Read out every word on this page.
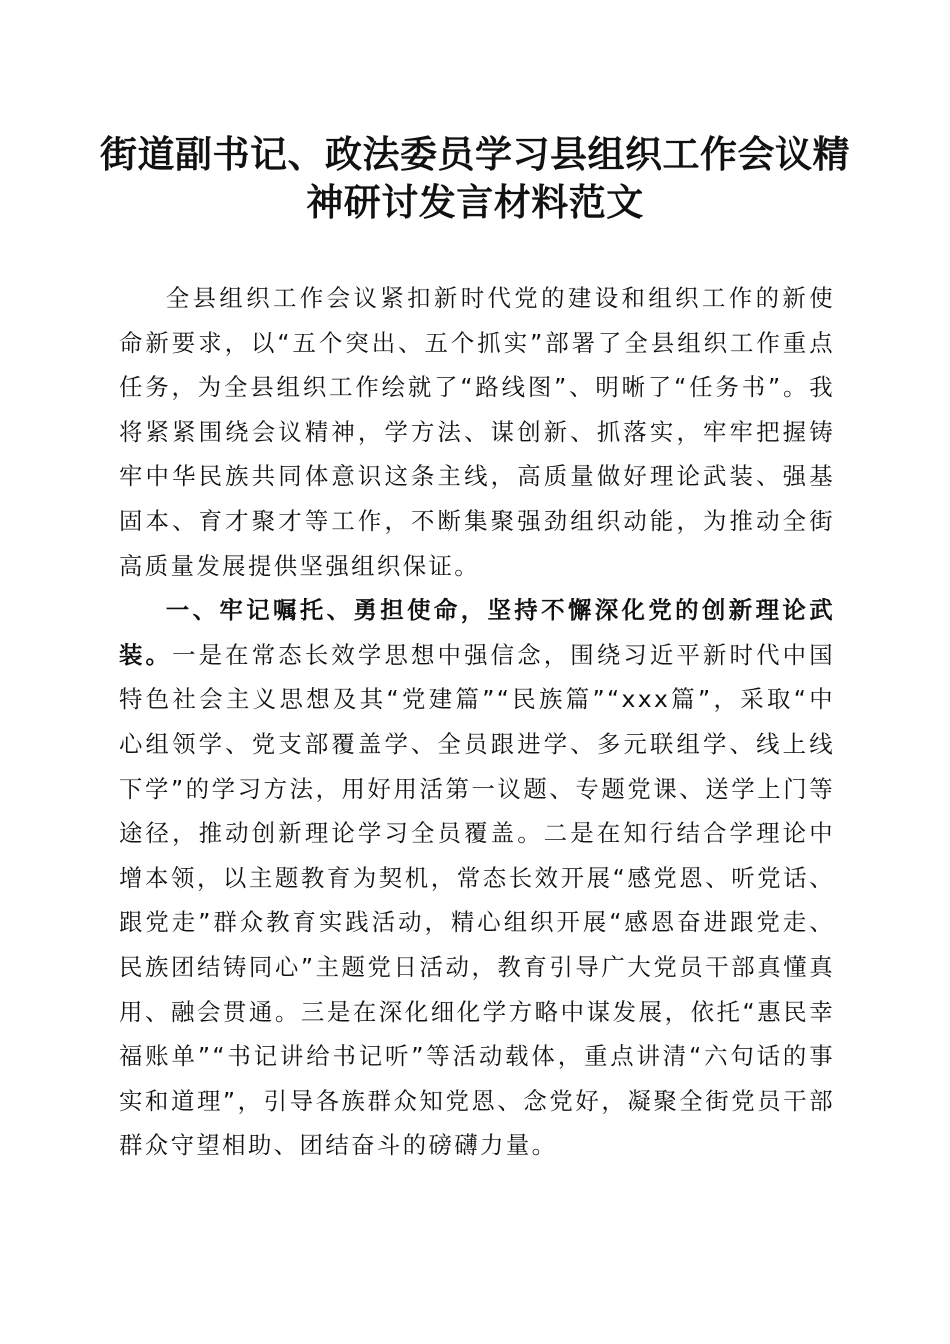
街道副书记、政法委员学习县组织工作会议精
神研讨发言材料范文

全县组织工作会议紧扣新时代党的建设和组织工作的新使命新要求，以“五个突出、五个抓实”部署了全县组织工作重点任务，为全县组织工作绘就了“路线图”、明晰了“任务书”。我将紧紧围绕会议精神，学方法、谋创新、抓落实，牢牢把握铸牢中华民族共同体意识这条主线，高质量做好理论武装、强基固本、育才聚才等工作，不断集聚强劲组织动能，为推动全街高质量发展提供坚强组织保证。

一、牢记嘱托、勇担使命，坚持不懈深化党的创新理论武装。一是在常态长效学思想中强信念，围绕习近平新时代中国特色社会主义思想及其“党建篇”“民族篇”“xxx篇”，采取“中心组领学、党支部覆盖学、全员跟进学、多元联组学、线上线下学”的学习方法，用好用活第一议题、专题党课、送学上门等途径，推动创新理论学习全员覆盖。二是在知行结合学理论中增本领，以主题教育为契机，常态长效开展“感党恩、听党话、跟党走”群众教育实践活动，精心组织开展“感恩奋进跟党走、民族团结铸同心”主题党日活动，教育引导广大党员干部真懂真用、融会贯通。三是在深化细化学方略中谋发展，依托“惠民幸福账单”“书记讲给书记听”等活动载体，重点讲清“六句话的事实和道理”，引导各族群众知党恩、念党好，凝聚全街党员干部群众守望相助、团结奋斗的磅礴力量。
